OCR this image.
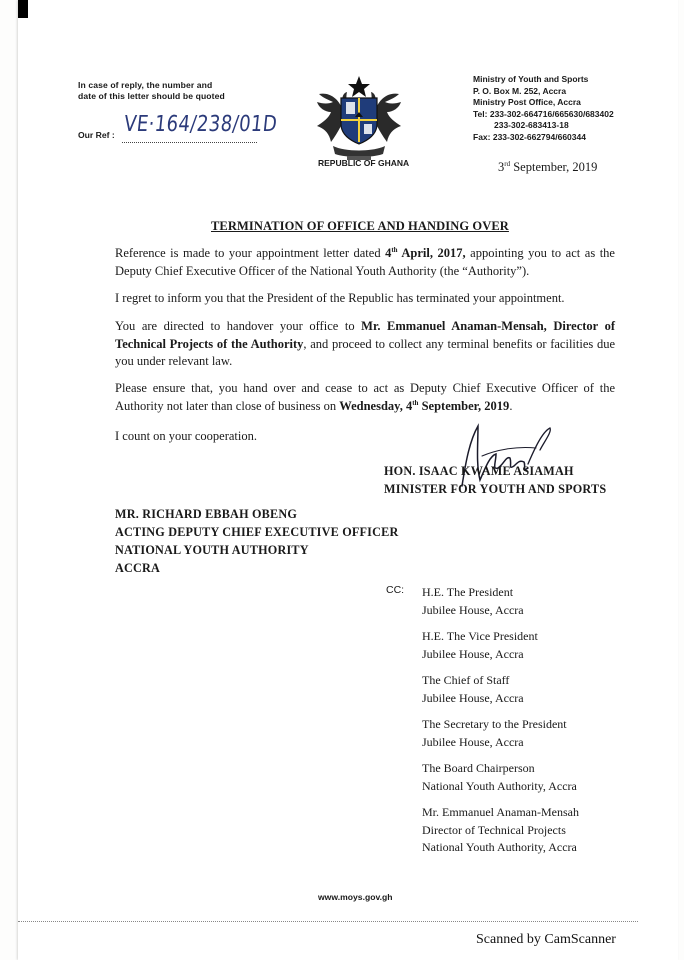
In case of reply, the number and
date of this letter should be quoted
Our Ref : VE·164/238/01D
REPUBLIC OF GHANA
Ministry of Youth and Sports
P. O. Box M. 252, Accra
Ministry Post Office, Accra
Tel: 233-302-664716/665630/683402
233-302-683413-18
Fax: 233-302-662794/660344
3rd September, 2019
TERMINATION OF OFFICE AND HANDING OVER
Reference is made to your appointment letter dated 4th April, 2017, appointing you to act as the Deputy Chief Executive Officer of the National Youth Authority (the “Authority”).
I regret to inform you that the President of the Republic has terminated your appointment.
You are directed to handover your office to Mr. Emmanuel Anaman-Mensah, Director of Technical Projects of the Authority, and proceed to collect any terminal benefits or facilities due you under relevant law.
Please ensure that, you hand over and cease to act as Deputy Chief Executive Officer of the Authority not later than close of business on Wednesday, 4th September, 2019.
I count on your cooperation.
HON. ISAAC KWAME ASIAMAH
MINISTER FOR YOUTH AND SPORTS
MR. RICHARD EBBAH OBENG
ACTING DEPUTY CHIEF EXECUTIVE OFFICER
NATIONAL YOUTH AUTHORITY
ACCRA
CC: H.E. The President
Jubilee House, Accra
H.E. The Vice President
Jubilee House, Accra
The Chief of Staff
Jubilee House, Accra
The Secretary to the President
Jubilee House, Accra
The Board Chairperson
National Youth Authority, Accra
Mr. Emmanuel Anaman-Mensah
Director of Technical Projects
National Youth Authority, Accra
www.moys.gov.gh
Scanned by CamScanner
